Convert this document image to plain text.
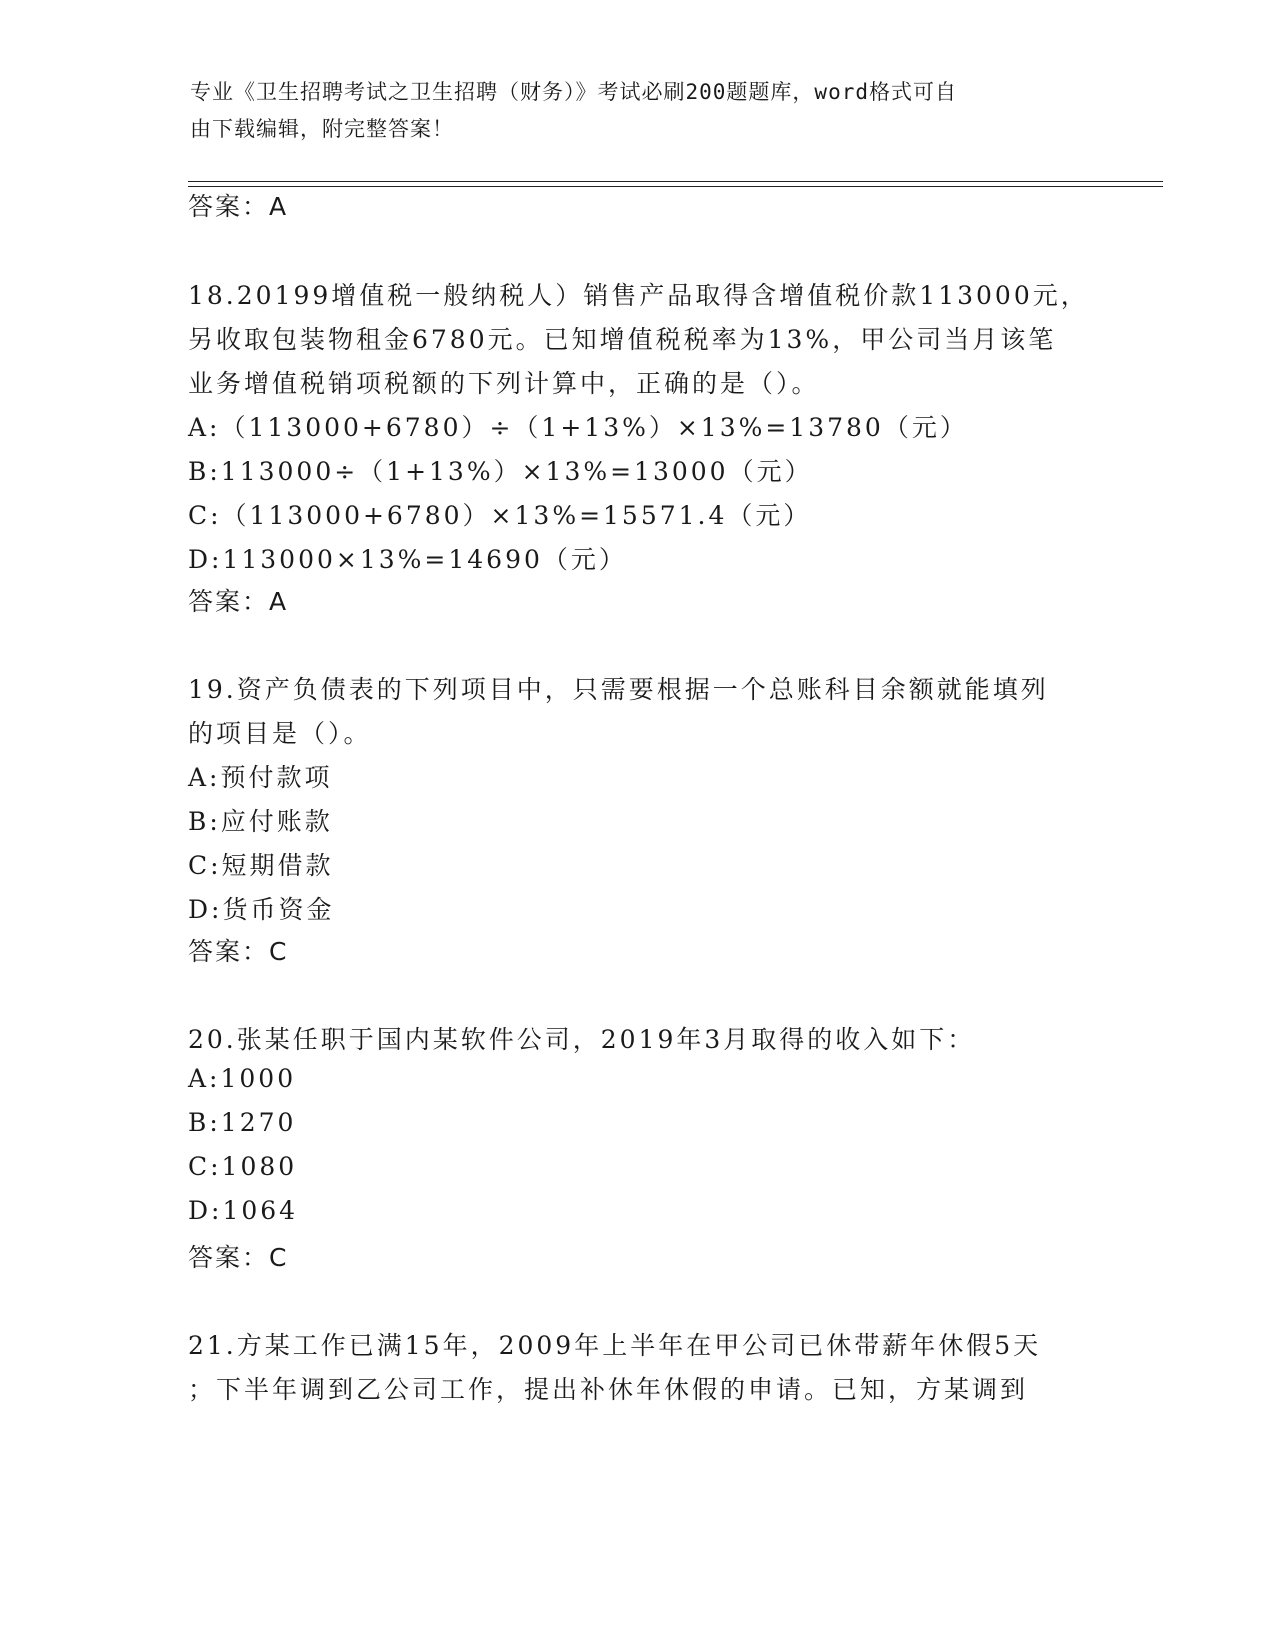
专业《卫生招聘考试之卫生招聘（财务）》考试必刷200题题库，word格式可自
由下载编辑，附完整答案！
答案：A
18.20199增值税一般纳税人）销售产品取得含增值税价款113000元，
另收取包装物租金6780元。已知增值税税率为13%，甲公司当月该笔
业务增值税销项税额的下列计算中，正确的是（）。
A:（113000+6780）÷（1+13%）×13%=13780（元）
B:113000÷（1+13%）×13%=13000（元）
C:（113000+6780）×13%=15571.4（元）
D:113000×13%=14690（元）
答案：A
19.资产负债表的下列项目中，只需要根据一个总账科目余额就能填列
的项目是（）。
A:预付款项
B:应付账款
C:短期借款
D:货币资金
答案：C
20.张某任职于国内某软件公司，2019年3月取得的收入如下：
A:1000
B:1270
C:1080
D:1064
答案：C
21.方某工作已满15年，2009年上半年在甲公司已休带薪年休假5天
；下半年调到乙公司工作，提出补休年休假的申请。已知，方某调到
